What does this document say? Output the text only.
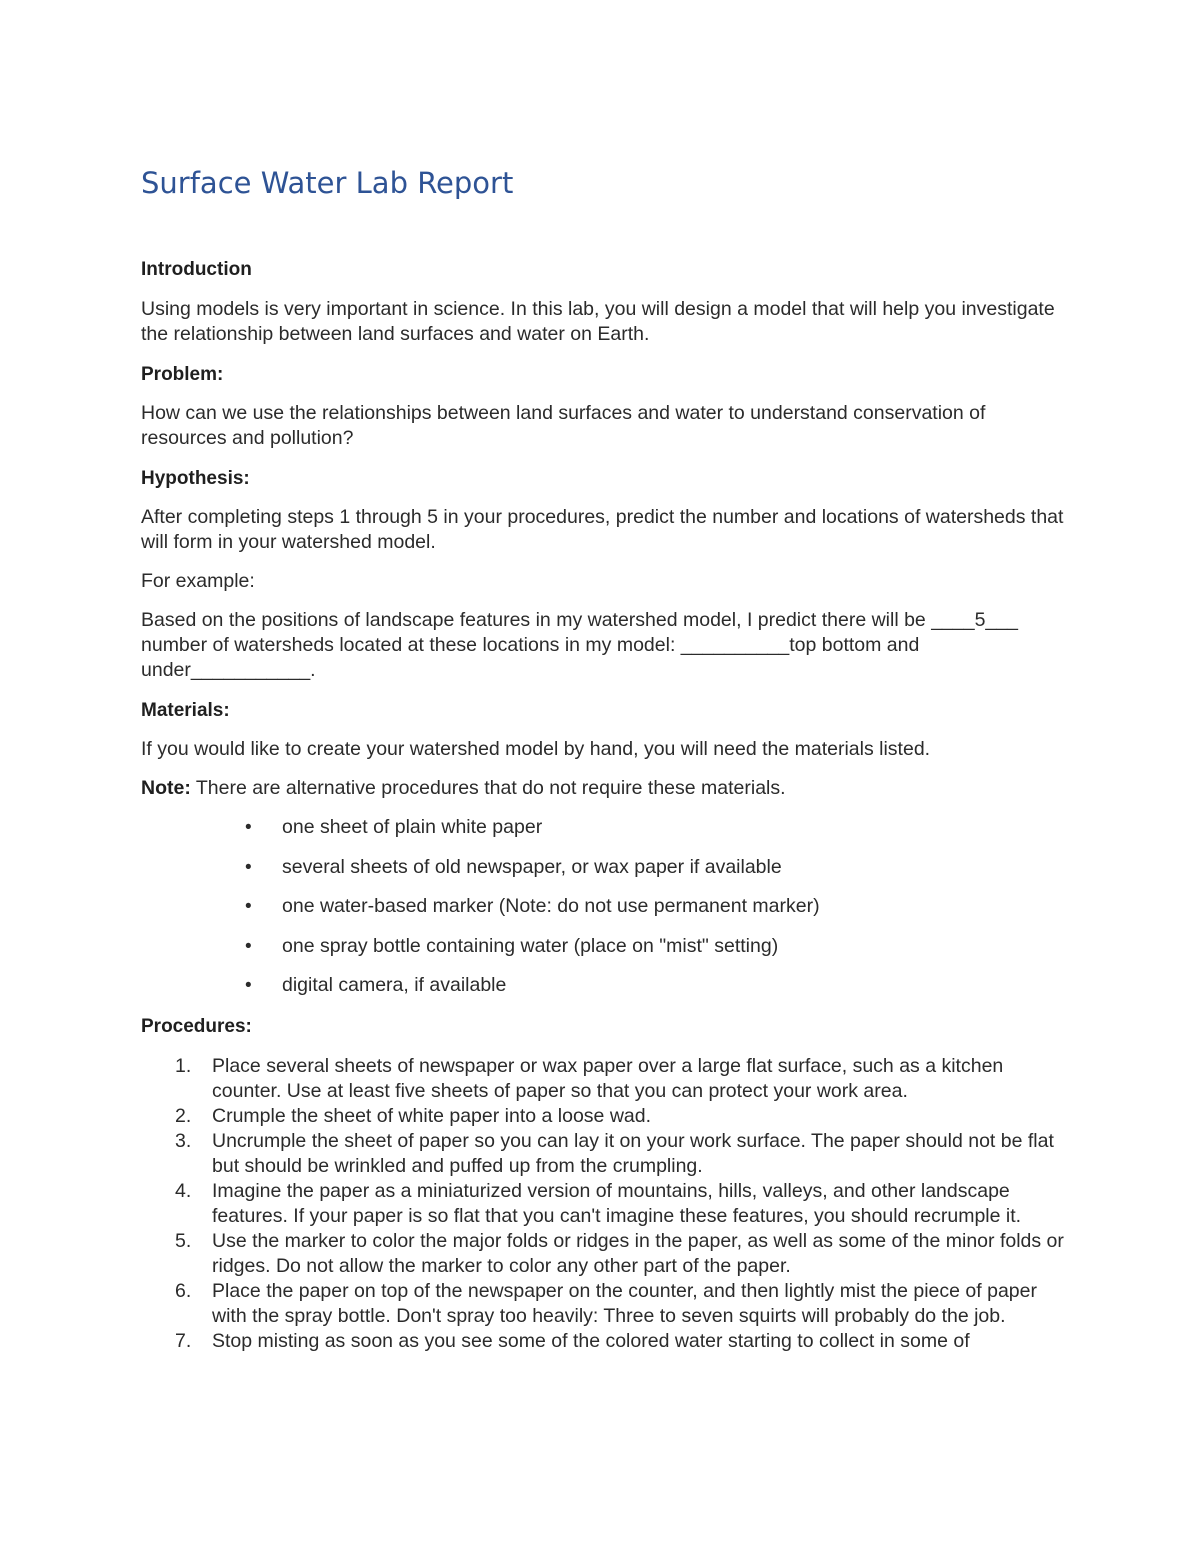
Surface Water Lab Report

Introduction

Using models is very important in science. In this lab, you will design a model that will help you investigate the relationship between land surfaces and water on Earth.

Problem:

How can we use the relationships between land surfaces and water to understand conservation of resources and pollution?

Hypothesis:

After completing steps 1 through 5 in your procedures, predict the number and locations of watersheds that will form in your watershed model.

For example:

Based on the positions of landscape features in my watershed model, I predict there will be ____5___ number of watersheds located at these locations in my model: __________top bottom and under___________.

Materials:

If you would like to create your watershed model by hand, you will need the materials listed.

Note: There are alternative procedures that do not require these materials.

• one sheet of plain white paper
• several sheets of old newspaper, or wax paper if available
• one water-based marker (Note: do not use permanent marker)
• one spray bottle containing water (place on "mist" setting)
• digital camera, if available

Procedures:

1.	Place several sheets of newspaper or wax paper over a large flat surface, such as a kitchen counter. Use at least five sheets of paper so that you can protect your work area.
2.	Crumple the sheet of white paper into a loose wad.
3.	Uncrumple the sheet of paper so you can lay it on your work surface. The paper should not be flat but should be wrinkled and puffed up from the crumpling.
4.	Imagine the paper as a miniaturized version of mountains, hills, valleys, and other landscape features. If your paper is so flat that you can't imagine these features, you should recrumple it.
5.	Use the marker to color the major folds or ridges in the paper, as well as some of the minor folds or ridges. Do not allow the marker to color any other part of the paper.
6.	Place the paper on top of the newspaper on the counter, and then lightly mist the piece of paper with the spray bottle. Don't spray too heavily: Three to seven squirts will probably do the job.
7.	Stop misting as soon as you see some of the colored water starting to collect in some of
